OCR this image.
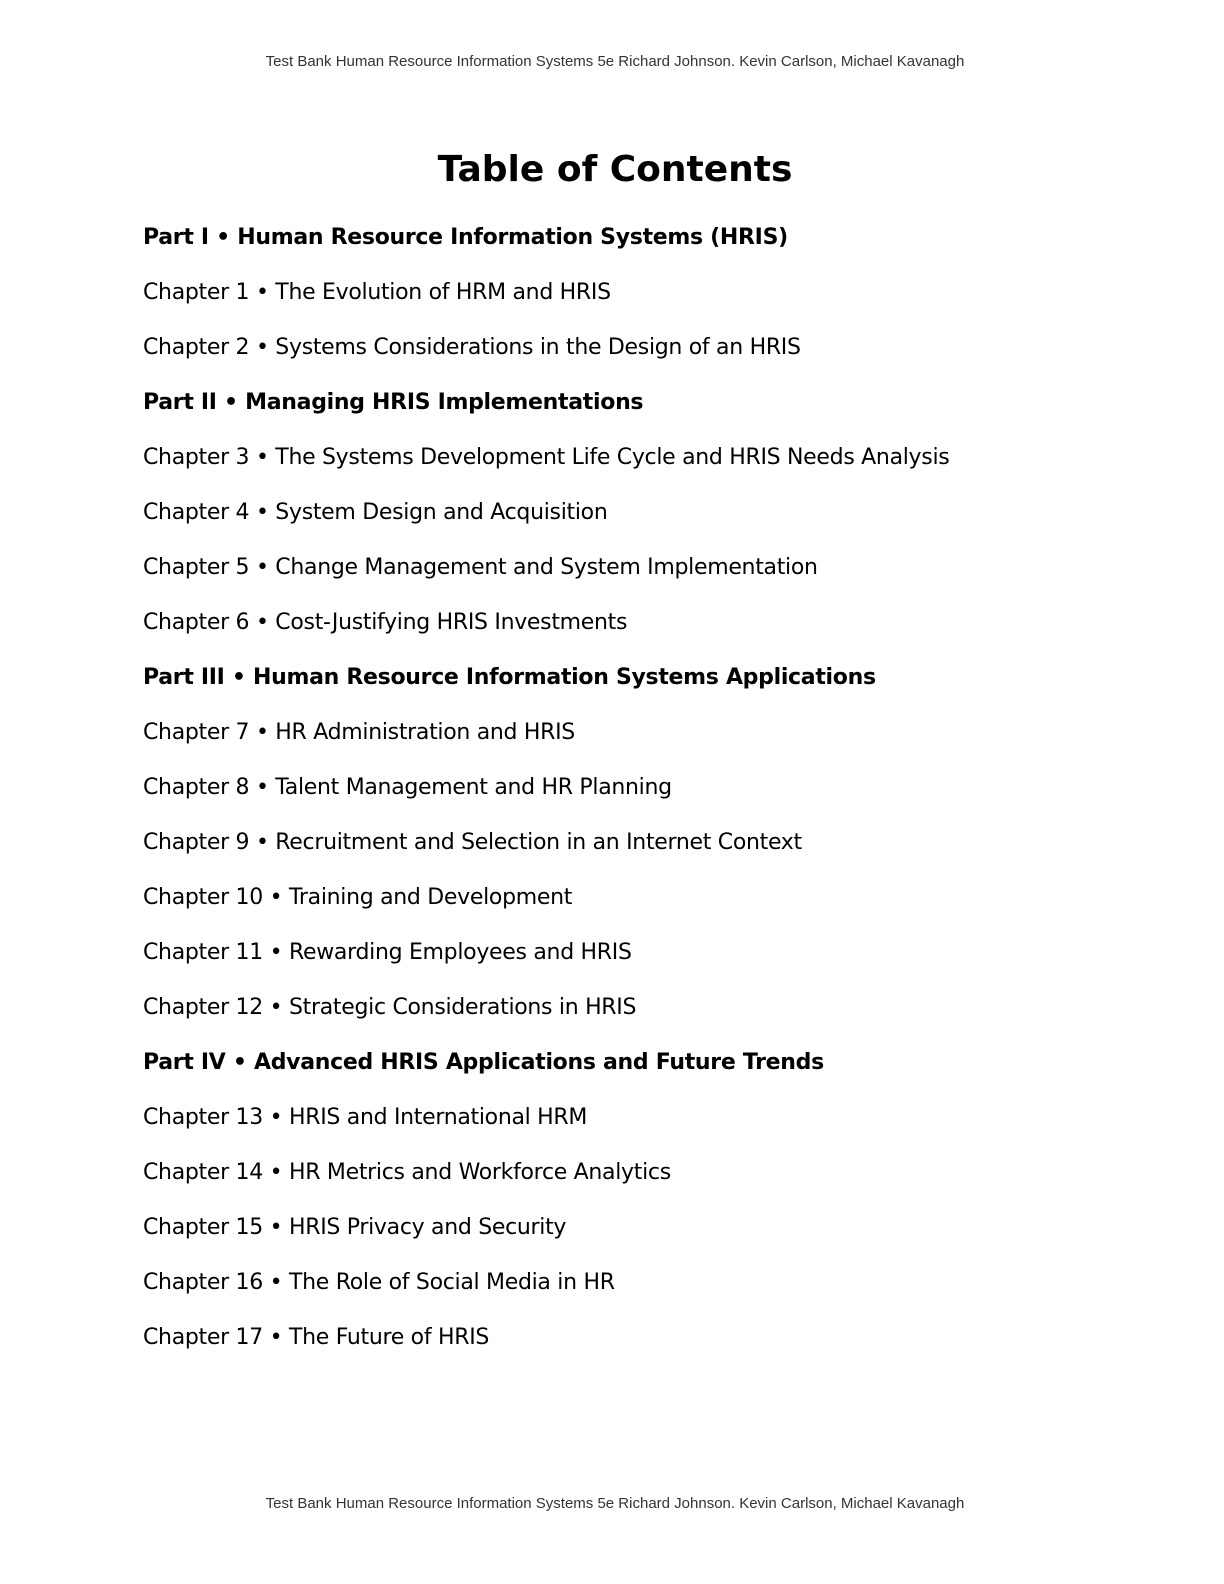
Test Bank Human Resource Information Systems 5e Richard Johnson. Kevin Carlson, Michael Kavanagh
Table of Contents
Part I • Human Resource Information Systems (HRIS)
Chapter 1 • The Evolution of HRM and HRIS
Chapter 2 • Systems Considerations in the Design of an HRIS
Part II • Managing HRIS Implementations
Chapter 3 • The Systems Development Life Cycle and HRIS Needs Analysis
Chapter 4 • System Design and Acquisition
Chapter 5 • Change Management and System Implementation
Chapter 6 • Cost-Justifying HRIS Investments
Part III • Human Resource Information Systems Applications
Chapter 7 • HR Administration and HRIS
Chapter 8 • Talent Management and HR Planning
Chapter 9 • Recruitment and Selection in an Internet Context
Chapter 10 • Training and Development
Chapter 11 • Rewarding Employees and HRIS
Chapter 12 • Strategic Considerations in HRIS
Part IV • Advanced HRIS Applications and Future Trends
Chapter 13 • HRIS and International HRM
Chapter 14 • HR Metrics and Workforce Analytics
Chapter 15 • HRIS Privacy and Security
Chapter 16 • The Role of Social Media in HR
Chapter 17 • The Future of HRIS
Test Bank Human Resource Information Systems 5e Richard Johnson. Kevin Carlson, Michael Kavanagh
